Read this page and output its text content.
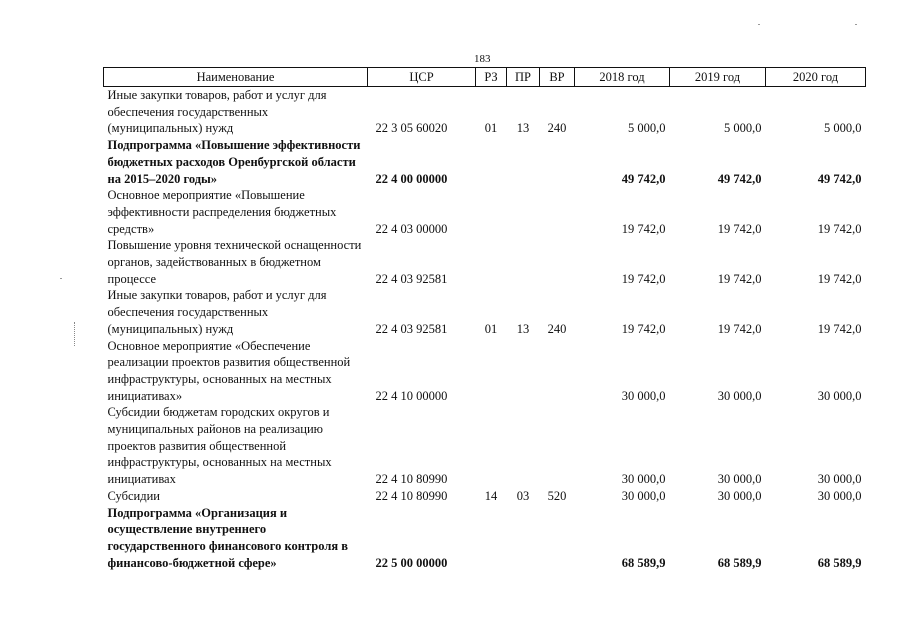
183
Наименование	ЦСР	РЗ	ПР	ВР	2018 год	2019 год	2020 год
Иные закупки товаров, работ и услуг для обеспечения государственных (муниципальных) нужд	22 3 05 60020	01	13	240	5 000,0	5 000,0	5 000,0
Подпрограмма «Повышение эффективности бюджетных расходов Оренбургской области на 2015–2020 годы»	22 4 00 00000				49 742,0	49 742,0	49 742,0
Основное мероприятие «Повышение эффективности распределения бюджетных средств»	22 4 03 00000				19 742,0	19 742,0	19 742,0
Повышение уровня технической оснащенности органов, задействованных в бюджетном процессе	22 4 03 92581				19 742,0	19 742,0	19 742,0
Иные закупки товаров, работ и услуг для обеспечения государственных (муниципальных) нужд	22 4 03 92581	01	13	240	19 742,0	19 742,0	19 742,0
Основное мероприятие «Обеспечение реализации проектов развития общественной инфраструктуры, основанных на местных инициативах»	22 4 10 00000				30 000,0	30 000,0	30 000,0
Субсидии бюджетам городских округов и муниципальных районов на реализацию проектов развития общественной инфраструктуры, основанных на местных инициативах	22 4 10 80990				30 000,0	30 000,0	30 000,0
Субсидии	22 4 10 80990	14	03	520	30 000,0	30 000,0	30 000,0
Подпрограмма «Организация и осуществление внутреннего государственного финансового контроля в финансово-бюджетной сфере»	22 5 00 00000				68 589,9	68 589,9	68 589,9
